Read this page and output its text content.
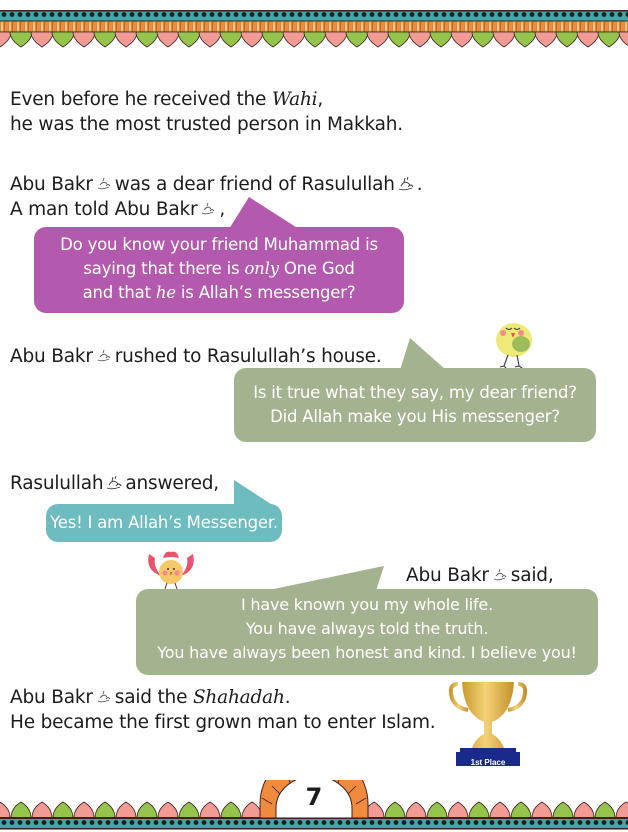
Even before he received the Wahi,
he was the most trusted person in Makkah.
Abu Bakr was a dear friend of Rasulullah .
A man told Abu Bakr ,
Do you know your friend Muhammad is
saying that there is only One God
and that he is Allah’s messenger?
Abu Bakr rushed to Rasulullah’s house.
Is it true what they say, my dear friend?
Did Allah make you His messenger?
Rasulullah answered,
Yes! I am Allah’s Messenger.
Abu Bakr said,
I have known you my whole life.
You have always told the truth.
You have always been honest and kind. I believe you!
Abu Bakr said the Shahadah.
He became the first grown man to enter Islam.
1st Place
7
